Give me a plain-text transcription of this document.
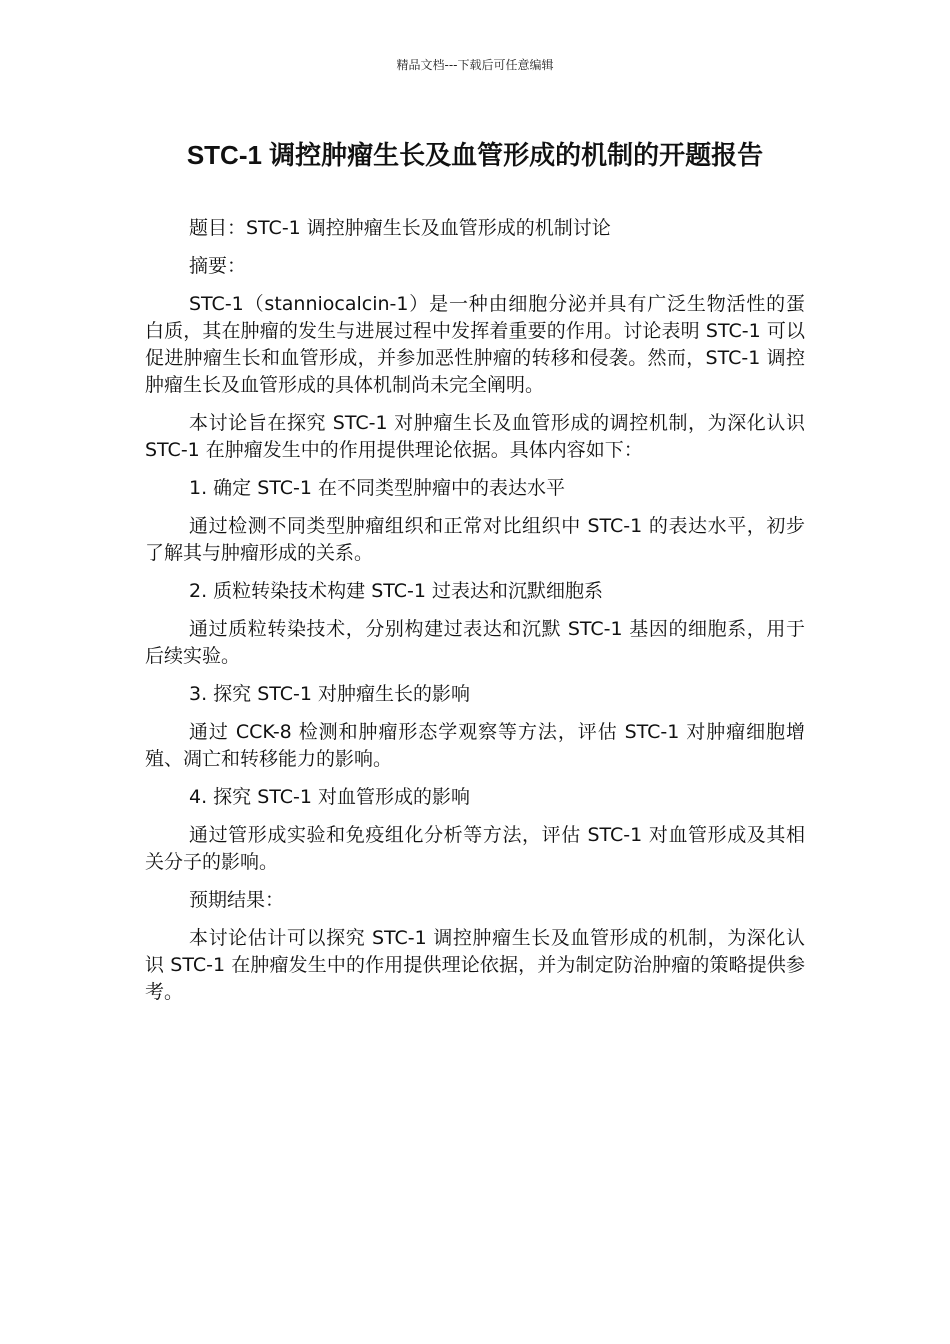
精品文档---下载后可任意编辑
STC-1 调控肿瘤生长及血管形成的机制的开题报告

题目：STC-1 调控肿瘤生长及血管形成的机制讨论

摘要：

STC-1（stanniocalcin-1）是一种由细胞分泌并具有广泛生物活性的蛋白质，其在肿瘤的发生与进展过程中发挥着重要的作用。讨论表明 STC-1 可以促进肿瘤生长和血管形成，并参加恶性肿瘤的转移和侵袭。然而，STC-1 调控肿瘤生长及血管形成的具体机制尚未完全阐明。

本讨论旨在探究 STC-1 对肿瘤生长及血管形成的调控机制，为深化认识 STC-1 在肿瘤发生中的作用提供理论依据。具体内容如下：

1. 确定 STC-1 在不同类型肿瘤中的表达水平

通过检测不同类型肿瘤组织和正常对比组织中 STC-1 的表达水平，初步了解其与肿瘤形成的关系。

2. 质粒转染技术构建 STC-1 过表达和沉默细胞系

通过质粒转染技术，分别构建过表达和沉默 STC-1 基因的细胞系，用于后续实验。

3. 探究 STC-1 对肿瘤生长的影响

通过 CCK-8 检测和肿瘤形态学观察等方法，评估 STC-1 对肿瘤细胞增殖、凋亡和转移能力的影响。

4. 探究 STC-1 对血管形成的影响

通过管形成实验和免疫组化分析等方法，评估 STC-1 对血管形成及其相关分子的影响。

预期结果：

本讨论估计可以探究 STC-1 调控肿瘤生长及血管形成的机制，为深化认识 STC-1 在肿瘤发生中的作用提供理论依据，并为制定防治肿瘤的策略提供参考。
